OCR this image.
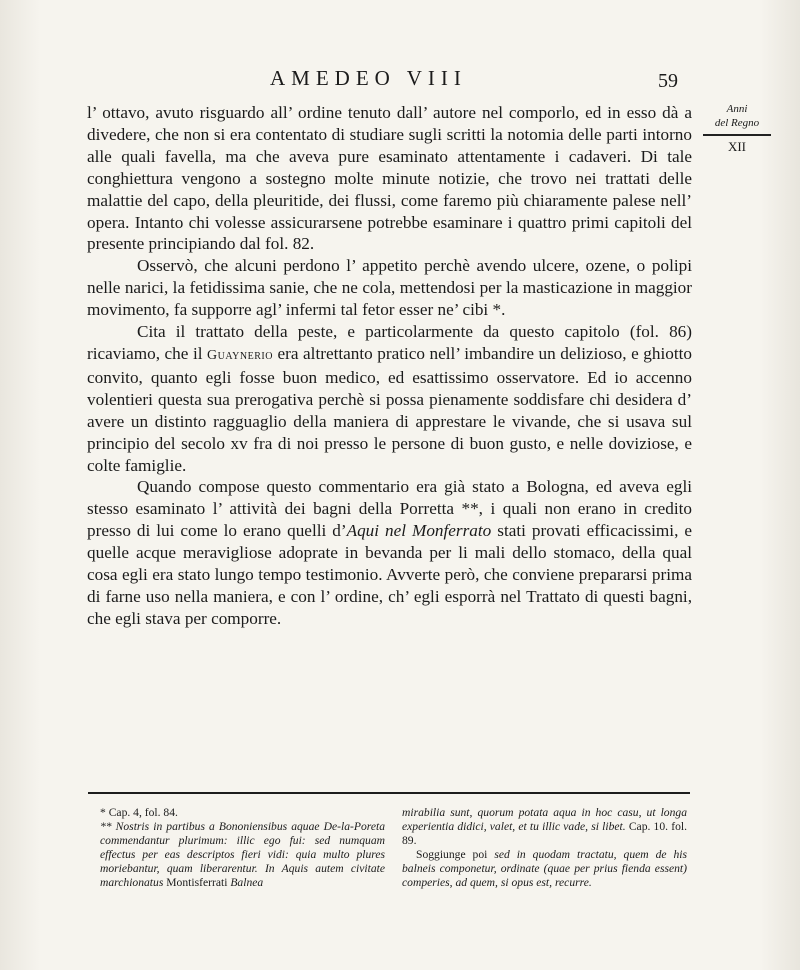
AMEDEO VIII	59
Anni
del Regno
XII

l’ ottavo, avuto risguardo all’ ordine tenuto dall’ autore nel comporlo, ed in esso dà a divedere, che non si era contentato di studiare sugli scritti la notomia delle parti intorno alle quali favella, ma che aveva pure esaminato attentamente i cadaveri. Di tale conghiettura vengono a sostegno molte minute notizie, che trovo nei trattati delle malattie del capo, della pleuritide, dei flussi, come faremo più chiaramente palese nell’ opera. Intanto chi volesse assicurarsene potrebbe esaminare i quattro primi capitoli del presente principiando dal fol. 82.

Osservò, che alcuni perdono l’ appetito perchè avendo ulcere, ozene, o polipi nelle narici, la fetidissima sanie, che ne cola, mettendosi per la masticazione in maggior movimento, fa supporre agl’ infermi tal fetor esser ne’ cibi *.

Cita il trattato della peste, e particolarmente da questo capitolo (fol. 86) ricaviamo, che il Guaynerio era altrettanto pratico nell’ imbandire un delizioso, e ghiotto convito, quanto egli fosse buon medico, ed esattissimo osservatore. Ed io accenno volentieri questa sua prerogativa perchè si possa pienamente soddisfare chi desidera d’ avere un distinto ragguaglio della maniera di apprestare le vivande, che si usava sul principio del secolo xv fra di noi presso le persone di buon gusto, e nelle doviziose, e colte famiglie.

Quando compose questo commentario era già stato a Bologna, ed aveva egli stesso esaminato l’ attività dei bagni della Porretta **, i quali non erano in credito presso di lui come lo erano quelli d’Aqui nel Monferrato stati provati efficacissimi, e quelle acque meravigliose adoprate in bevanda per li mali dello stomaco, della qual cosa egli era stato lungo tempo testimonio. Avverte però, che conviene prepararsi prima di farne uso nella maniera, e con l’ ordine, ch’ egli esporrà nel Trattato di questi bagni, che egli stava per comporre.

* Cap. 4, fol. 84.

** Nostris in partibus a Bononiensibus aquae De-la-Poreta commendantur plurimum: illic ego fui: sed numquam effectus per eas descriptos fieri vidi: quia multo plures moriebantur, quam liberarentur. In Aquis autem civitate marchionatus Montisferrati Balnea

mirabilia sunt, quorum potata aqua in hoc casu, ut longa experientia didici, valet, et tu illic vade, si libet. Cap. 10. fol. 89.

Soggiunge poi sed in quodam tractatu, quem de his balneis componetur, ordinate (quae per prius fienda essent) comperies, ad quem, si opus est, recurre.
